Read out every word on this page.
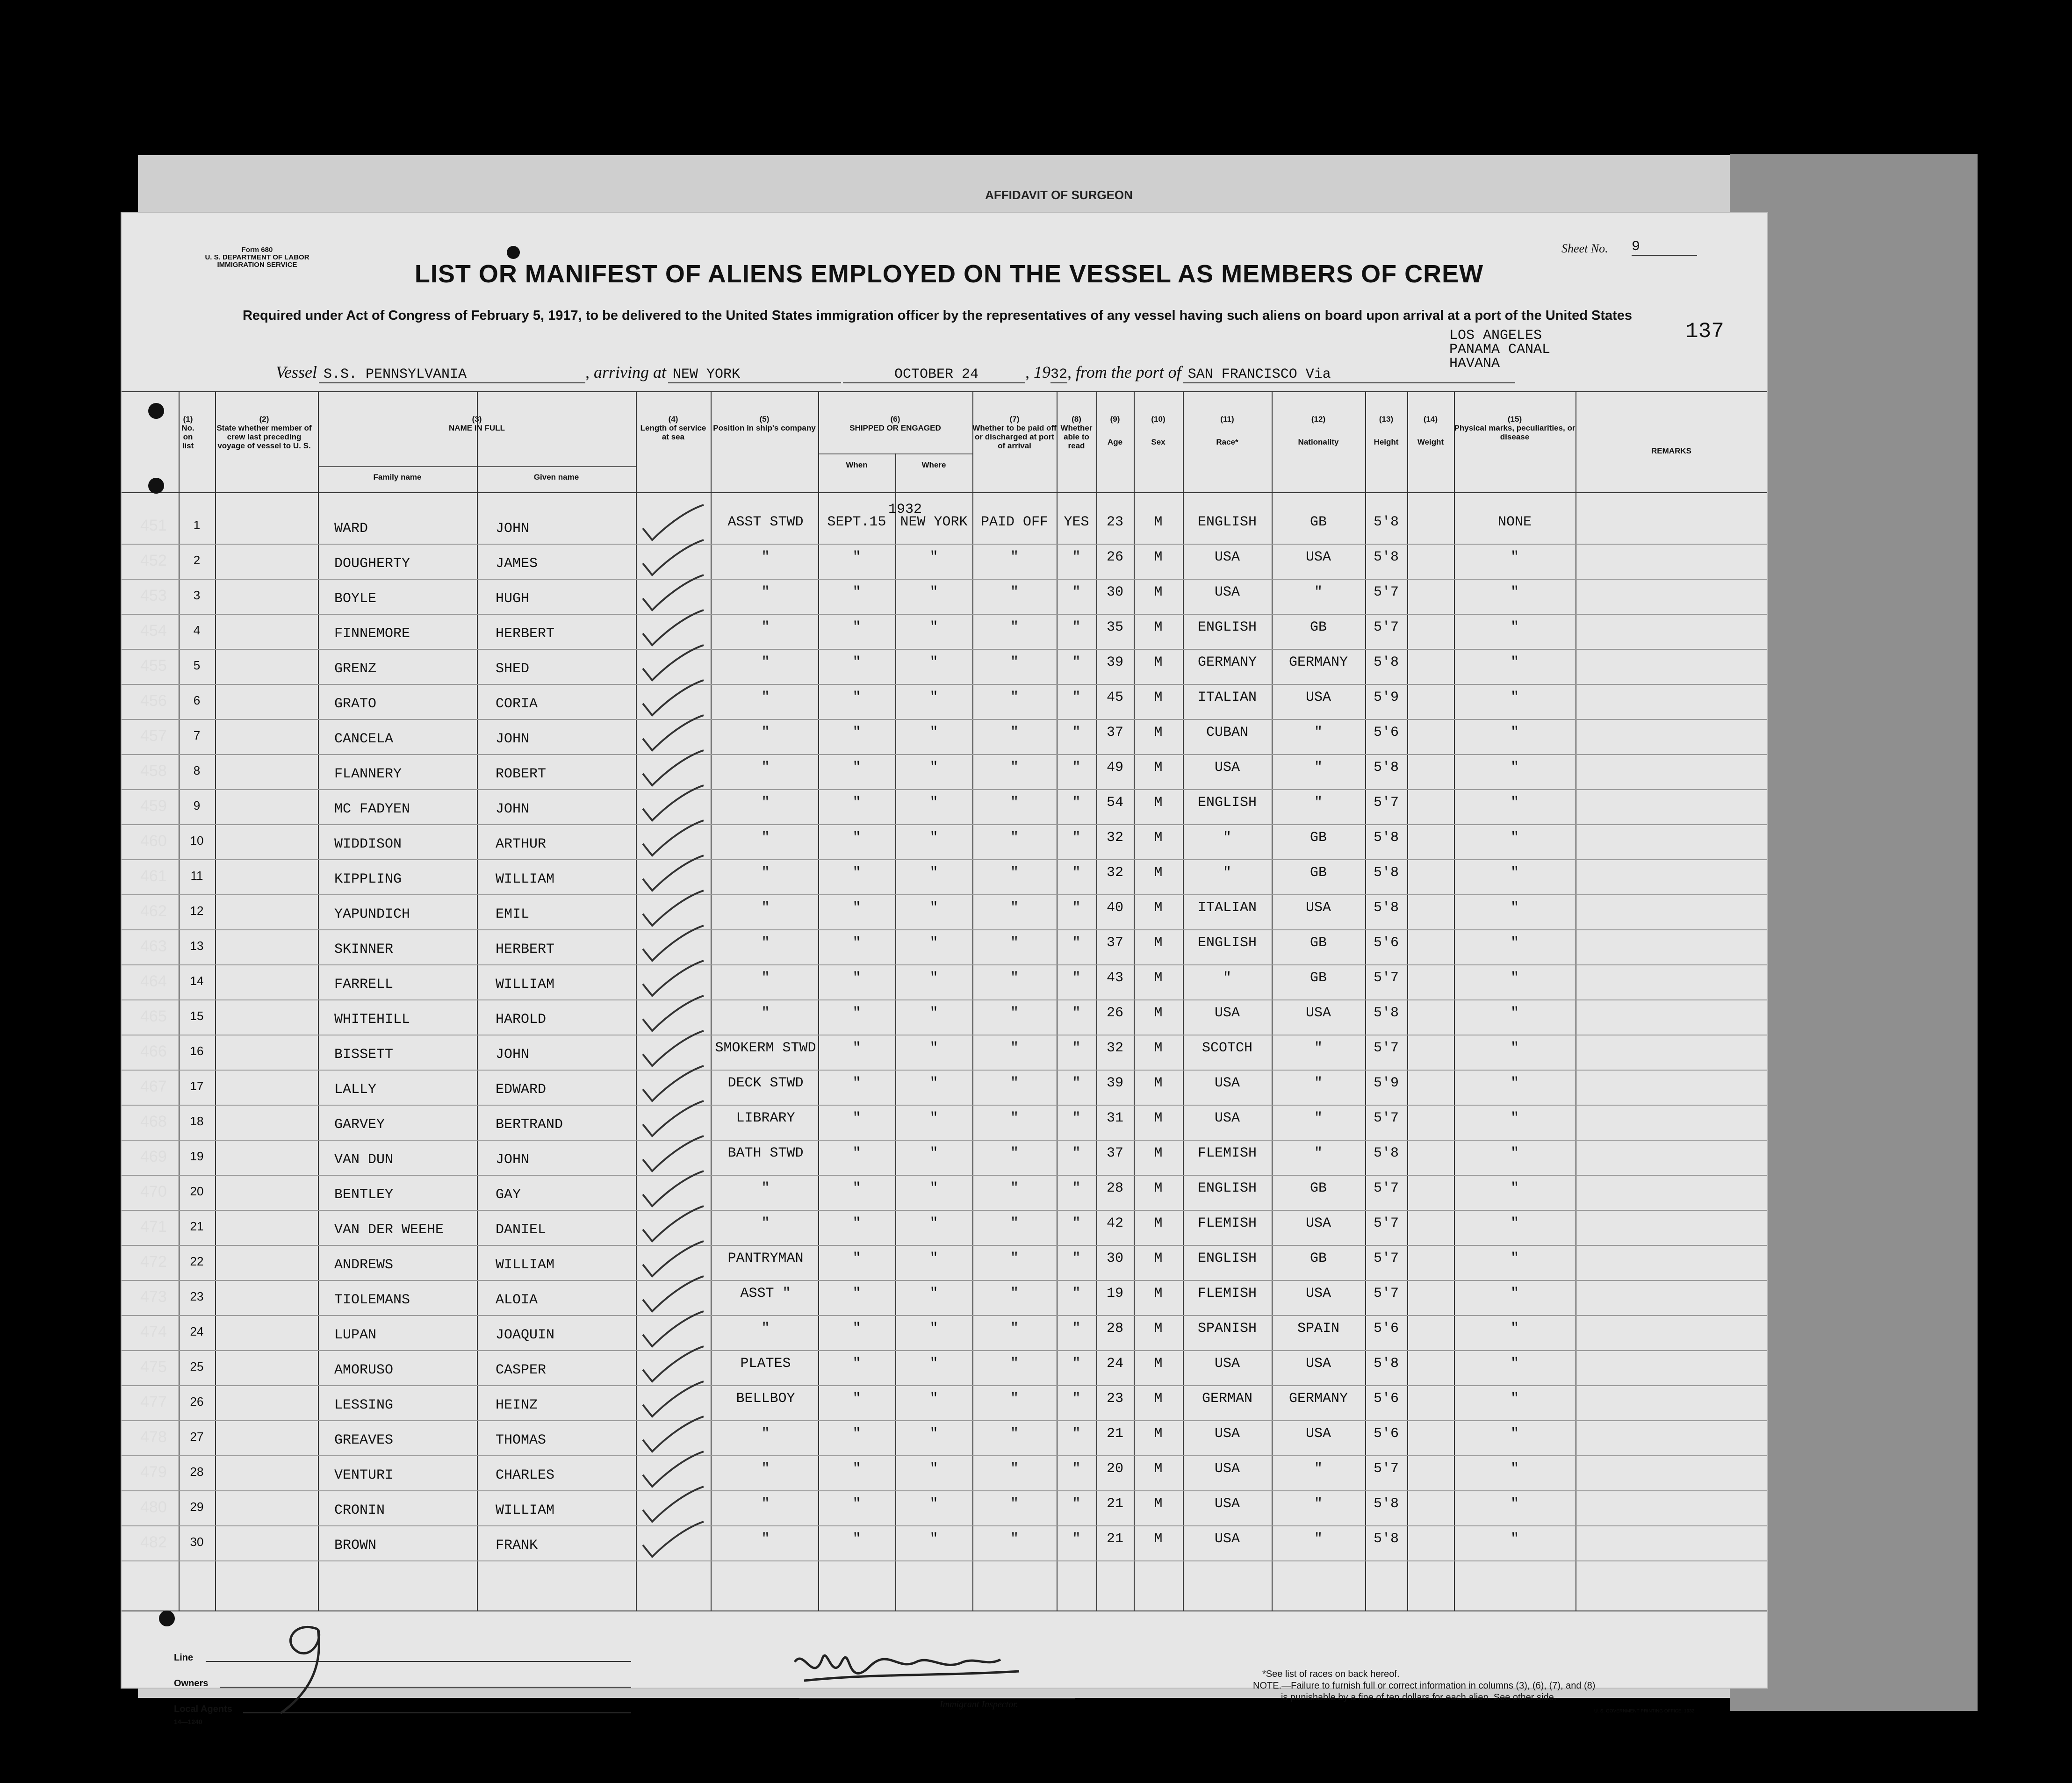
AFFIDAVIT OF SURGEON
Form 680
U. S. DEPARTMENT OF LABOR
IMMIGRATION SERVICE
Sheet No. 9
LIST OR MANIFEST OF ALIENS EMPLOYED ON THE VESSEL AS MEMBERS OF CREW
Required under Act of Congress of February 5, 1917, to be delivered to the United States immigration officer by the representatives of any vessel having such aliens on board upon arrival at a port of the United States
137
LOS ANGELES
PANAMA CANAL
HAVANA
Vessel S.S. PENNSYLVANIA	, arriving at NEW YORK	OCTOBER 24	, 1932, from the port of SAN FRANCISCO Via
(1)
No. on list
(2)
State whether member of crew last preceding voyage of vessel to U. S.
(3)
NAME IN FULL
Family name	Given name
(4)
Length of service at sea
(5)
Position in ship's company
(6)
SHIPPED OR ENGAGED
When	Where
(7)
Whether to be paid off or discharged at port of arrival
(8)
Whether able to read
(9)
Age
(10)
Sex
(11)
Race*
(12)
Nationality
(13)
Height
(14)
Weight
(15)
Physical marks, peculiarities, or disease
REMARKS
1932
1	WARD	JOHN	ASST STWD	SEPT.15 NEW YORK PAID OFF	YES	23	M	ENGLISH	GB	5'8	NONE
2	DOUGHERTY	JAMES	"	"	"	"	"	26	M	USA	USA	5'8	"
3	BOYLE	HUGH	"	"	"	"	"	30	M	USA	"	5'7	"
4	FINNEMORE	HERBERT	"	"	"	"	"	35	M	ENGLISH	GB	5'7	"
5	GRENZ	SHED	"	"	"	"	"	39	M	GERMANY	GERMANY	5'8	"
6	GRATO	CORIA	"	"	"	"	"	45	M	ITALIAN	USA	5'9	"
7	CANCELA	JOHN	"	"	"	"	"	37	M	CUBAN	"	5'6	"
8	FLANNERY	ROBERT	"	"	"	"	"	49	M	USA	"	5'8	"
9	MC FADYEN	JOHN	"	"	"	"	"	54	M	ENGLISH	"	5'7	"
10	WIDDISON	ARTHUR	"	"	"	"	"	32	M	"	GB	5'8	"
11	KIPPLING	WILLIAM	"	"	"	"	"	32	M	"	GB	5'8	"
12	YAPUNDICH	EMIL	"	"	"	"	"	40	M	ITALIAN	USA	5'8	"
13	SKINNER	HERBERT	"	"	"	"	"	37	M	ENGLISH	GB	5'6	"
14	FARRELL	WILLIAM	"	"	"	"	"	43	M	"	GB	5'7	"
15	WHITEHILL	HAROLD	"	"	"	"	"	26	M	USA	USA	5'8	"
16	BISSETT	JOHN	SMOKERM STWD	"	"	"	"	32	M	SCOTCH	"	5'7	"
17	LALLY	EDWARD	DECK STWD	"	"	"	"	39	M	USA	"	5'9	"
18	GARVEY	BERTRAND	LIBRARY	"	"	"	"	31	M	USA	"	5'7	"
19	VAN DUN	JOHN	BATH STWD	"	"	"	"	37	M	FLEMISH	"	5'8	"
20	BENTLEY	GAY	"	"	"	"	"	28	M	ENGLISH	GB	5'7	"
21	VAN DER WEEHE	DANIEL	"	"	"	"	"	42	M	FLEMISH	USA	5'7	"
22	ANDREWS	WILLIAM	PANTRYMAN	"	"	"	"	30	M	ENGLISH	GB	5'7	"
23	TIOLEMANS	ALOIA	ASST "	"	"	"	"	19	M	FLEMISH	USA	5'7	"
24	LUPAN	JOAQUIN	"	"	"	"	"	28	M	SPANISH	SPAIN	5'6	"
25	AMORUSO	CASPER	PLATES	"	"	"	"	24	M	USA	USA	5'8	"
26	LESSING	HEINZ	BELLBOY	"	"	"	"	23	M	GERMAN	GERMANY	5'6	"
27	GREAVES	THOMAS	"	"	"	"	"	21	M	USA	USA	5'6	"
28	VENTURI	CHARLES	"	"	"	"	"	20	M	USA	"	5'7	"
29	CRONIN	WILLIAM	"	"	"	"	"	21	M	USA	"	5'8	"
30	BROWN	FRANK	"	"	"	"	"	21	M	USA	"	5'8	"
Line
Owners
Local Agents
14—1240
Immigrant Inspector.
*See list of races on back hereof.
NOTE.—Failure to furnish full or correct information in columns (3), (6), (7), and (8)
is punishable by a fine of ten dollars for each alien. See other side.
U. S. GOVERNMENT PRINTING OFFICE: 1932
451
452
453
454
455
456
457
458
459
460
461
462
463
464
465
466
467
468
469
470
471
472
473
474
475
477
478
479
480
482
